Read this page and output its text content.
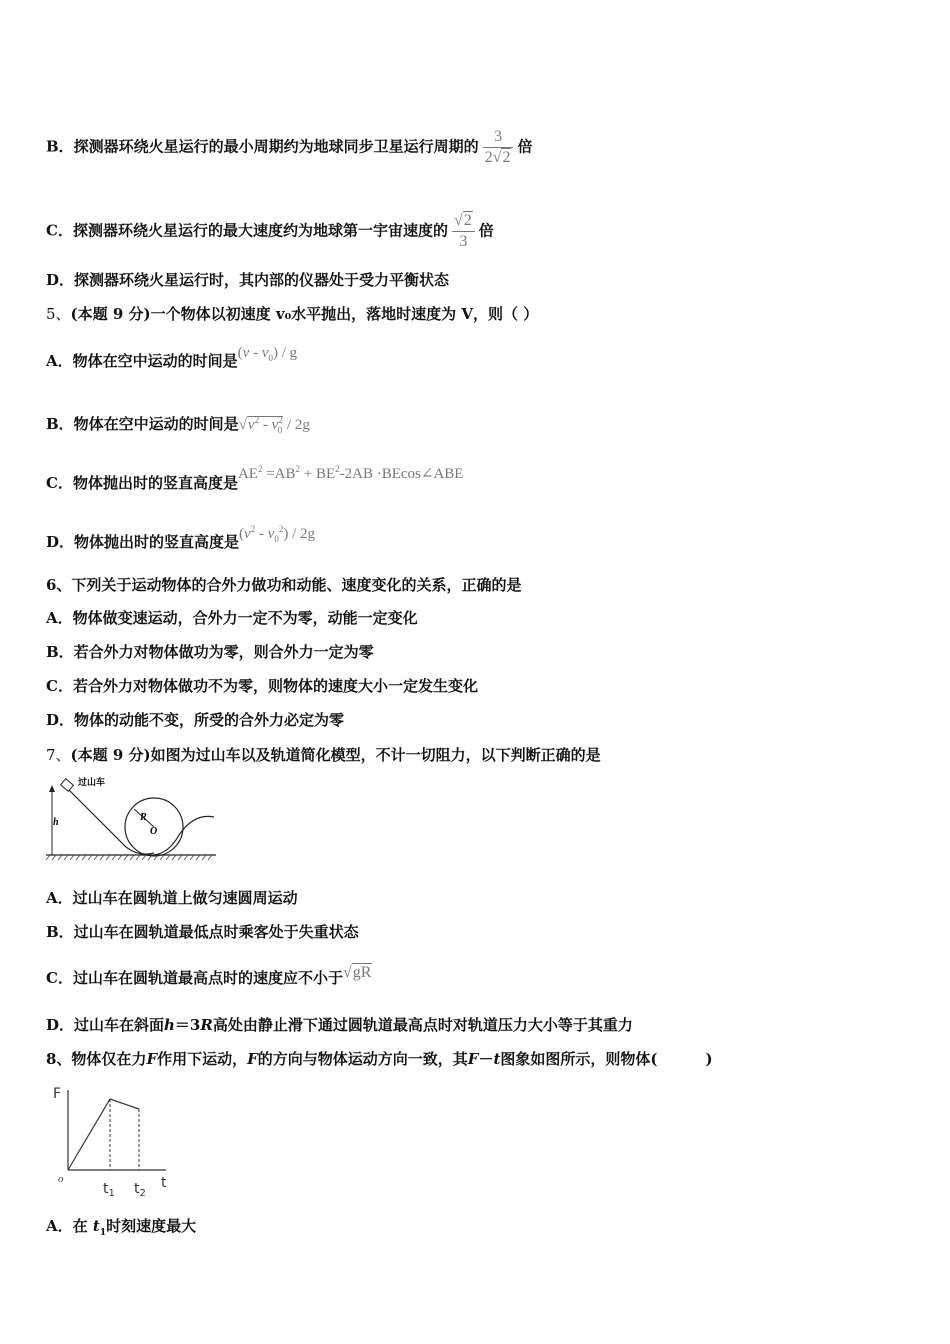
B．探测器环绕火星运行的最小周期约为地球同步卫星运行周期的 $\frac{3}{2√2}$ 倍
C．探测器环绕火星运行的最大速度约为地球第一宇宙速度的 $\frac{√2}{3}$ 倍
D．探测器环绕火星运行时，其内部的仪器处于受力平衡状态
5、(本题 9 分)一个物体以初速度 v₀水平抛出，落地时速度为 V，则（ ）
A．物体在空中运动的时间是$(v - v_0)$ / g
B．物体在空中运动的时间是$√v^2 - v^2_0 / 2g$
C．物体抛出时的竖直高度是$AE^2 =AB^2 + BE^2-2AB$ ·BEcos∠ABE
D．物体抛出时的竖直高度是$(v^2 - v_0^2) / 2g$
6、下列关于运动物体的合外力做功和动能、速度变化的关系，正确的是
A．物体做变速运动，合外力一定不为零，动能一定变化
B．若合外力对物体做功为零，则合外力一定为零
C．若合外力对物体做功不为零，则物体的速度大小一定发生变化
D．物体的动能不变，所受的合外力必定为零
7、(本题 9 分)如图为过山车以及轨道简化模型，不计一切阻力，以下判断正确的是
h
过山车
R
O
A．过山车在圆轨道上做匀速圆周运动
B．过山车在圆轨道最低点时乘客处于失重状态
C．过山车在圆轨道最高点时的速度应不小于√gR
D．过山车在斜面h＝3R高处由静止滑下通过圆轨道最高点时对轨道压力大小等于其重力
8、物体仅在力F作用下运动，F的方向与物体运动方向一致，其F－t图象如图所示，则物体(	)
F
o
$t_1$ $t_2$
t
A．在 $t_1$时刻速度最大
